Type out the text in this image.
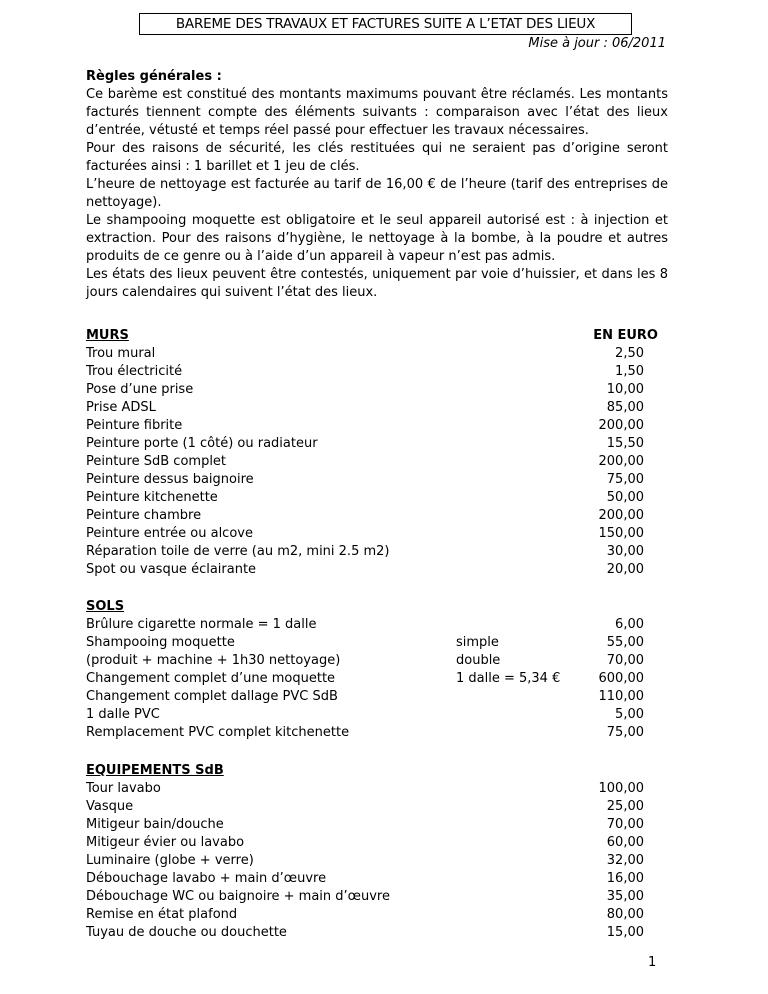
BAREME DES TRAVAUX ET FACTURES SUITE A L’ETAT DES LIEUX
Mise à jour : 06/2011
Règles générales :

Ce barème est constitué des montants maximums pouvant être réclamés. Les montants facturés tiennent compte des éléments suivants : comparaison avec l’état des lieux d’entrée, vétusté et temps réel passé pour effectuer les travaux nécessaires.

Pour des raisons de sécurité, les clés restituées qui ne seraient pas d’origine seront facturées ainsi : 1 barillet et 1 jeu de clés.

L’heure de nettoyage est facturée au tarif de 16,00 € de l’heure (tarif des entreprises de nettoyage).

Le shampooing moquette est obligatoire et le seul appareil autorisé est : à injection et extraction. Pour des raisons d’hygiène, le nettoyage à la bombe, à la poudre et autres produits de ce genre ou à l’aide d’un appareil à vapeur n’est pas admis.

Les états des lieux peuvent être contestés, uniquement par voie d’huissier, et dans les 8 jours calendaires qui suivent l’état des lieux.

MURS	EN EURO
Trou mural	2,50
Trou électricité	1,50
Pose d’une prise	10,00
Prise ADSL	85,00
Peinture fibrite	200,00
Peinture porte (1 côté) ou radiateur	15,50
Peinture SdB complet	200,00
Peinture dessus baignoire	75,00
Peinture kitchenette	50,00
Peinture chambre	200,00
Peinture entrée ou alcove	150,00
Réparation toile de verre (au m2, mini 2.5 m2)	30,00
Spot ou vasque éclairante	20,00
SOLS
Brûlure cigarette normale = 1 dalle	6,00
Shampooing moquette	simple	55,00
(produit + machine + 1h30 nettoyage)	double	70,00
Changement complet d’une moquette	1 dalle = 5,34 €	600,00
Changement complet dallage PVC SdB	110,00
1 dalle PVC	5,00
Remplacement PVC complet kitchenette	75,00
EQUIPEMENTS SdB
Tour lavabo	100,00
Vasque	25,00
Mitigeur bain/douche	70,00
Mitigeur évier ou lavabo	60,00
Luminaire (globe + verre)	32,00
Débouchage lavabo + main d’œuvre	16,00
Débouchage WC ou baignoire + main d’œuvre	35,00
Remise en état plafond	80,00
Tuyau de douche ou douchette	15,00
1
